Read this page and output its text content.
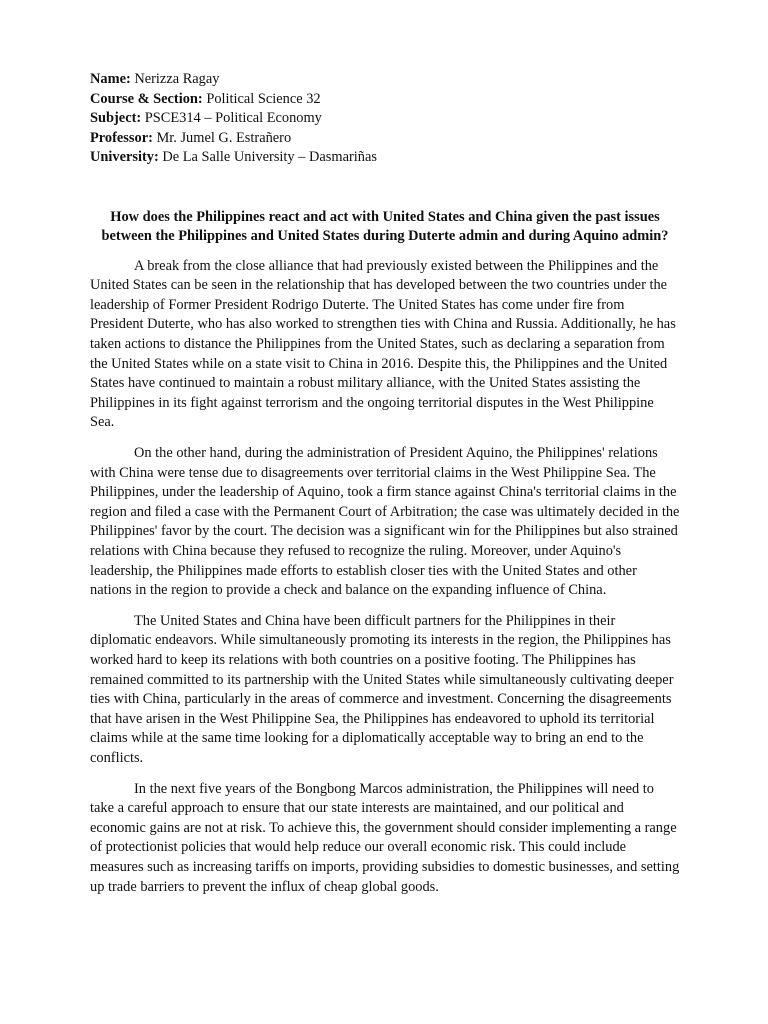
Name: Nerizza Ragay
Course & Section: Political Science 32
Subject: PSCE314 – Political Economy
Professor: Mr. Jumel G. Estrañero
University: De La Salle University – Dasmariñas
How does the Philippines react and act with United States and China given the past issues between the Philippines and United States during Duterte admin and during Aquino admin?

A break from the close alliance that had previously existed between the Philippines and the United States can be seen in the relationship that has developed between the two countries under the leadership of Former President Rodrigo Duterte. The United States has come under fire from President Duterte, who has also worked to strengthen ties with China and Russia. Additionally, he has taken actions to distance the Philippines from the United States, such as declaring a separation from the United States while on a state visit to China in 2016. Despite this, the Philippines and the United States have continued to maintain a robust military alliance, with the United States assisting the Philippines in its fight against terrorism and the ongoing territorial disputes in the West Philippine Sea.

On the other hand, during the administration of President Aquino, the Philippines' relations with China were tense due to disagreements over territorial claims in the West Philippine Sea. The Philippines, under the leadership of Aquino, took a firm stance against China's territorial claims in the region and filed a case with the Permanent Court of Arbitration; the case was ultimately decided in the Philippines' favor by the court. The decision was a significant win for the Philippines but also strained relations with China because they refused to recognize the ruling. Moreover, under Aquino's leadership, the Philippines made efforts to establish closer ties with the United States and other nations in the region to provide a check and balance on the expanding influence of China.

The United States and China have been difficult partners for the Philippines in their diplomatic endeavors. While simultaneously promoting its interests in the region, the Philippines has worked hard to keep its relations with both countries on a positive footing. The Philippines has remained committed to its partnership with the United States while simultaneously cultivating deeper ties with China, particularly in the areas of commerce and investment. Concerning the disagreements that have arisen in the West Philippine Sea, the Philippines has endeavored to uphold its territorial claims while at the same time looking for a diplomatically acceptable way to bring an end to the conflicts.

In the next five years of the Bongbong Marcos administration, the Philippines will need to take a careful approach to ensure that our state interests are maintained, and our political and economic gains are not at risk. To achieve this, the government should consider implementing a range of protectionist policies that would help reduce our overall economic risk. This could include measures such as increasing tariffs on imports, providing subsidies to domestic businesses, and setting up trade barriers to prevent the influx of cheap global goods.
